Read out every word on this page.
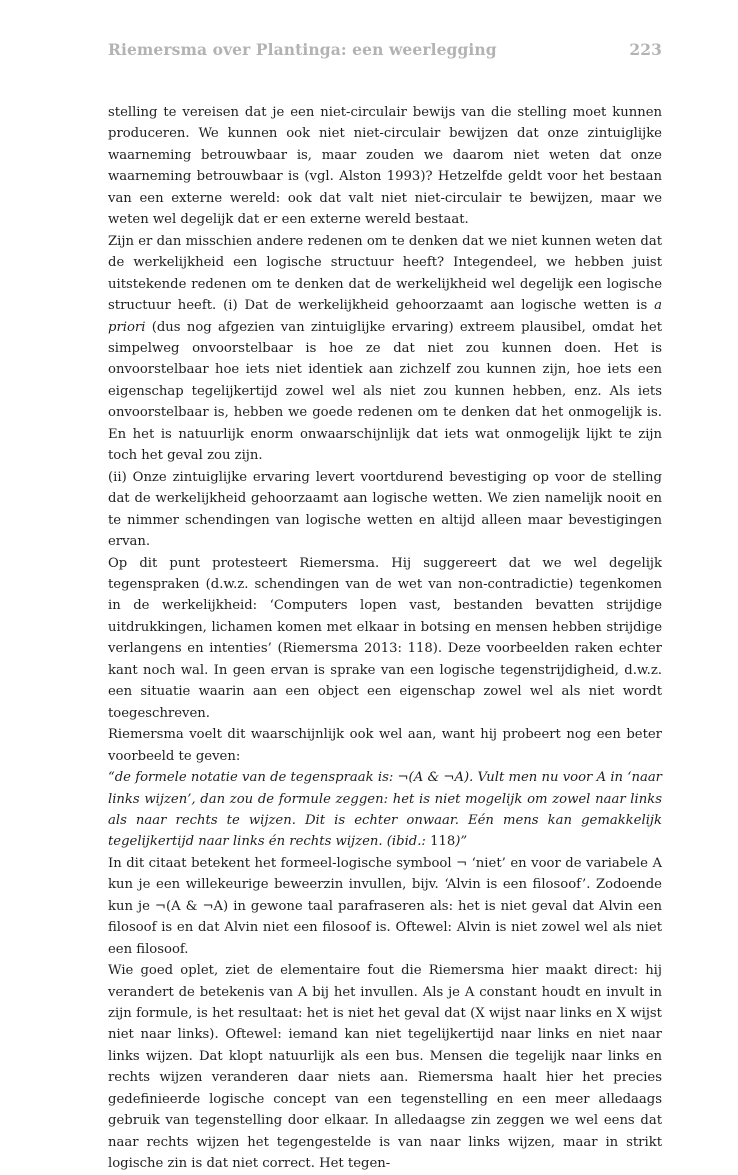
Riemersma over Plantinga: een weerlegging	223

stelling te vereisen dat je een niet-circulair bewijs van die stelling moet kunnen produceren. We kunnen ook niet niet-circulair bewijzen dat onze zintuiglijke waarneming betrouwbaar is, maar zouden we daarom niet weten dat onze waarneming betrouwbaar is (vgl. Alston 1993)? Hetzelfde geldt voor het bestaan van een externe wereld: ook dat valt niet niet-circulair te bewijzen, maar we weten wel degelijk dat er een externe wereld bestaat.

Zijn er dan misschien andere redenen om te denken dat we niet kunnen weten dat de werkelijkheid een logische structuur heeft? Integendeel, we hebben juist uitstekende redenen om te denken dat de werkelijkheid wel degelijk een logische structuur heeft. (i) Dat de werkelijkheid gehoorzaamt aan logische wetten is a priori (dus nog afgezien van zintuiglijke ervaring) extreem plausibel, omdat het simpelweg onvoorstelbaar is hoe ze dat niet zou kunnen doen. Het is onvoorstelbaar hoe iets niet identiek aan zichzelf zou kunnen zijn, hoe iets een eigenschap tegelijkertijd zowel wel als niet zou kunnen hebben, enz. Als iets onvoorstelbaar is, hebben we goede redenen om te denken dat het onmogelijk is. En het is natuurlijk enorm onwaarschijnlijk dat iets wat onmogelijk lijkt te zijn toch het geval zou zijn.

(ii) Onze zintuiglijke ervaring levert voortdurend bevestiging op voor de stelling dat de werkelijkheid gehoorzaamt aan logische wetten. We zien namelijk nooit en te nimmer schendingen van logische wetten en altijd alleen maar bevestigingen ervan.

Op dit punt protesteert Riemersma. Hij suggereert dat we wel degelijk tegenspraken (d.w.z. schendingen van de wet van non-contradictie) tegenkomen in de werkelijkheid: ‘Computers lopen vast, bestanden bevatten strijdige uitdrukkingen, lichamen komen met elkaar in botsing en mensen hebben strijdige verlangens en intenties’ (Riemersma 2013: 118). Deze voorbeelden raken echter kant noch wal. In geen ervan is sprake van een logische tegenstrijdigheid, d.w.z. een situatie waarin aan een object een eigenschap zowel wel als niet wordt toegeschreven.

Riemersma voelt dit waarschijnlijk ook wel aan, want hij probeert nog een beter voorbeeld te geven:

“de formele notatie van de tegenspraak is: ¬(A & ¬A). Vult men nu voor A in ‘naar links wijzen’, dan zou de formule zeggen: het is niet mogelijk om zowel naar links als naar rechts te wijzen. Dit is echter onwaar. Eén mens kan gemakkelijk tegelijkertijd naar links én rechts wijzen. (ibid.: 118)”

In dit citaat betekent het formeel-logische symbool ¬ ‘niet’ en voor de variabele A kun je een willekeurige beweerzin invullen, bijv. ‘Alvin is een filosoof’. Zodoende kun je ¬(A & ¬A) in gewone taal parafraseren als: het is niet geval dat Alvin een filosoof is en dat Alvin niet een filosoof is. Oftewel: Alvin is niet zowel wel als niet een filosoof.

Wie goed oplet, ziet de elementaire fout die Riemersma hier maakt direct: hij verandert de betekenis van A bij het invullen. Als je A constant houdt en invult in zijn formule, is het resultaat: het is niet het geval dat (X wijst naar links en X wijst niet naar links). Oftewel: iemand kan niet tegelijkertijd naar links en niet naar links wijzen. Dat klopt natuurlijk als een bus. Mensen die tegelijk naar links en rechts wijzen veranderen daar niets aan. Riemersma haalt hier het precies gedefinieerde logische concept van een tegenstelling en een meer alledaags gebruik van tegenstelling door elkaar. In alledaagse zin zeggen we wel eens dat naar rechts wijzen het tegengestelde is van naar links wijzen, maar in strikt logische zin is dat niet correct. Het tegen-
